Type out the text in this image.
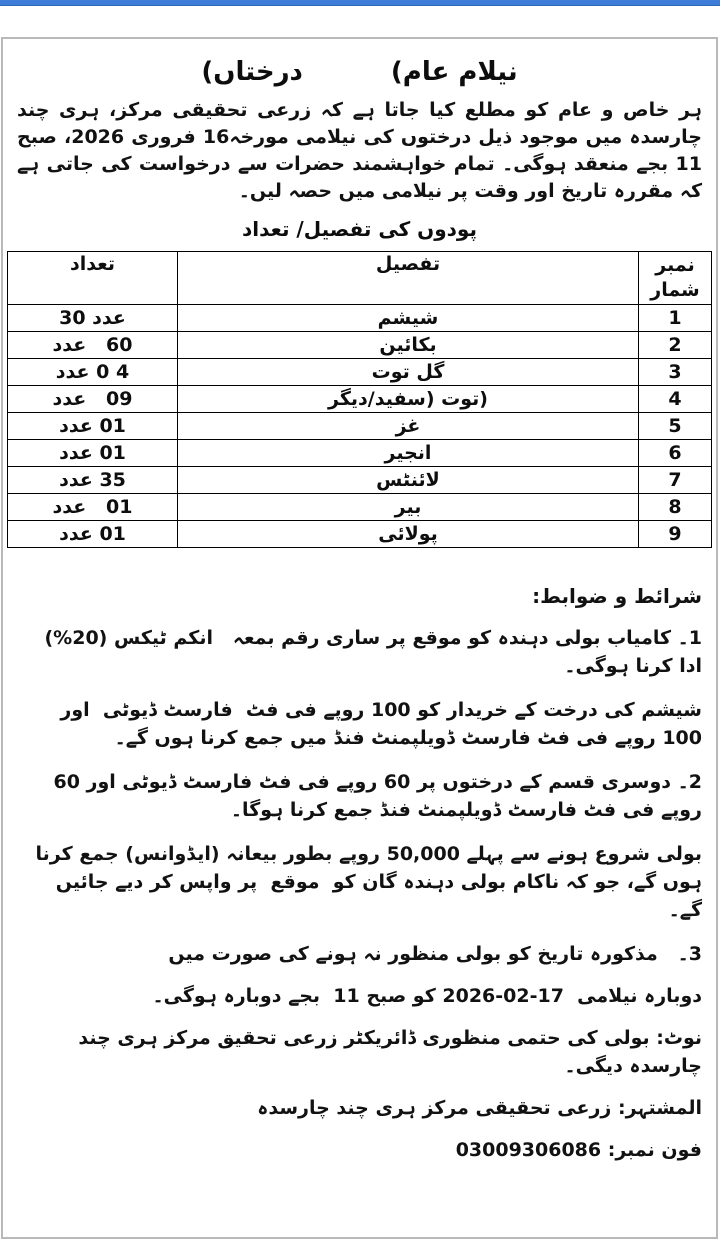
(درختاں	(نیلام عام
ہر خاص و عام کو مطلع کیا جاتا ہے کہ زرعی تحقیقی مرکز، ہری چند چارسدہ میں موجود ذیل درختوں کی نیلامی مورخہ16 فروری 2026، صبح 11 بجے منعقد ہوگی۔ تمام خواہشمند حضرات سے درخواست کی جاتی ہے کہ مقررہ تاریخ اور وقت پر نیلامی میں حصہ لیں۔
پودوں کی تفصیل/ تعداد
نمبر شمار	تفصیل	تعداد
1	شیشم	30 عدد
2	بکائین	60   عدد
3	گل توت	4 0 عدد
4	(توت (سفید/دیگر	09   عدد
5	غز	01 عدد
6	انجیر	01 عدد
7	لائنٹس	35 عدد
8	بیر	01   عدد
9	پولائی	01 عدد
شرائط و ضوابط:
1۔ کامیاب بولی دہندہ کو موقع پر ساری رقم بمعہ   انکم ٹیکس (20%) ادا کرنا ہوگی۔
شیشم کی درخت کے خریدار کو 100 روپے فی فٹ  فارسٹ ڈیوٹی  اور 100 روپے فی فٹ فارسٹ ڈویلپمنٹ فنڈ میں جمع کرنا ہوں گے۔
2۔ دوسری قسم کے درختوں پر 60 روپے فی فٹ فارسٹ ڈیوٹی اور 60 روپے فی فٹ فارسٹ ڈویلپمنٹ فنڈ جمع کرنا ہوگا۔
بولی شروع ہونے سے پہلے 50,000 روپے بطور بیعانہ (ایڈوانس) جمع کرنا ہوں گے، جو کہ ناکام بولی دہندہ گان کو  موقع  پر واپس کر دیے جائیں گے۔
3۔   مذکورہ تاریخ کو بولی منظور نہ ہونے کی صورت میں
دوبارہ نیلامی  17-02-2026 کو صبح 11  بجے دوبارہ ہوگی۔
نوٹ: بولی کی حتمی منظوری ڈائریکٹر زرعی تحقیق مرکز ہری چند چارسدہ دیگی۔
المشتہر: زرعی تحقیقی مرکز ہری چند چارسدہ
فون نمبر: 03009306086
